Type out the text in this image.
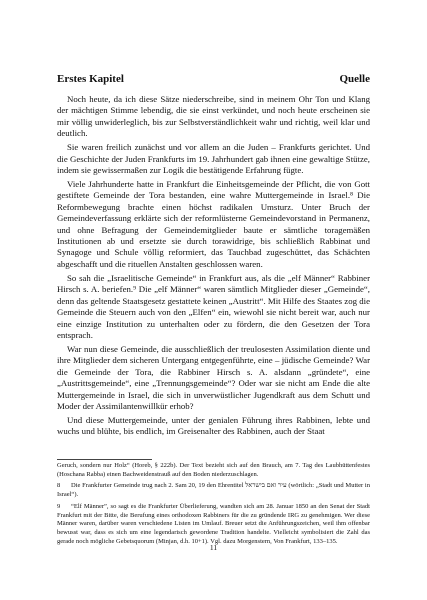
Erstes Kapitel	Quelle

Noch heute, da ich diese Sätze niederschreibe, sind in meinem Ohr Ton und Klang der mächtigen Stimme lebendig, die sie einst verkündet, und noch heute erscheinen sie mir völlig unwiderleglich, bis zur Selbstverständlichkeit wahr und richtig, weil klar und deutlich.

Sie waren freilich zunächst und vor allem an die Juden – Frankfurts gerichtet. Und die Geschichte der Juden Frankfurts im 19. Jahrhundert gab ihnen eine gewaltige Stütze, indem sie gewissermaßen zur Logik die bestätigende Erfahrung fügte.

Viele Jahrhunderte hatte in Frankfurt die Einheitsgemeinde der Pflicht, die von Gott gestiftete Gemeinde der Tora bestanden, eine wahre Muttergemeinde in Israel.⁸ Die Reformbewegung brachte einen höchst radikalen Umsturz. Unter Bruch der Gemeindeverfassung erklärte sich der reformlüsterne Gemeindevorstand in Permanenz, und ohne Befragung der Gemeindemitglieder baute er sämtliche toragemäßen Institutionen ab und ersetzte sie durch torawidrige, bis schließlich Rabbinat und Synagoge und Schule völlig reformiert, das Tauchbad zugeschüttet, das Schächten abgeschafft und die rituellen Anstalten geschlossen waren.

So sah die „Israelitische Gemeinde“ in Frankfurt aus, als die „elf Männer“ Rabbiner Hirsch s. A. beriefen.⁹ Die „elf Männer“ waren sämtlich Mitglieder dieser „Gemeinde“, denn das geltende Staatsgesetz gestattete keinen „Austritt“. Mit Hilfe des Staates zog die Gemeinde die Steuern auch von den „Elfen“ ein, wiewohl sie nicht bereit war, auch nur eine einzige Institution zu unterhalten oder zu fördern, die den Gesetzen der Tora entsprach.

War nun diese Gemeinde, die ausschließlich der treulosesten Assimilation diente und ihre Mitglieder dem sicheren Untergang entgegenführte, eine – jüdische Gemeinde? War die Gemeinde der Tora, die Rabbiner Hirsch s. A. alsdann „gründete“, eine „Austrittsgemeinde“, eine „Trennungsgemeinde“? Oder war sie nicht am Ende die alte Muttergemeinde in Israel, die sich in unverwüstlicher Jugendkraft aus dem Schutt und Moder der Assimilantenwillkür erhob?

Und diese Muttergemeinde, unter der genialen Führung ihres Rabbinen, lebte und wuchs und blühte, bis endlich, im Greisenalter des Rabbinen, auch der Staat

Geruch, sondern nur Holz“ (Horeb, § 222b). Der Text bezieht sich auf den Brauch, am 7. Tag des Laubhüttenfestes (Hoschana Rabba) einen Bachweidenstrauß auf den Boden niederzuschlagen.

8 Die Frankfurter Gemeinde trug nach 2. Sam 20, 19 den Ehrentitel עיר ואם בישראל (wörtlich: „Stadt und Mutter in Israel“).

9 “Elf Männer”, so sagt es die Frankfurter Überlieferung, wandten sich am 28. Januar 1850 an den Senat der Stadt Frankfurt mit der Bitte, die Berufung eines orthodoxen Rabbiners für die zu gründende IRG zu genehmigen. Wer diese Männer waren, darüber waren verschiedene Listen im Umlauf. Breuer setzt die Anführungszeichen, weil ihm offenbar bewusst war, dass es sich um eine legendarisch gewordene Tradition handelte. Vielleicht symbolisiert die Zahl das gerade noch mögliche Gebetsquorum (Minjan, d.h. 10+1). Vgl. dazu Morgenstern, Von Frankfurt, 133–135.

11
